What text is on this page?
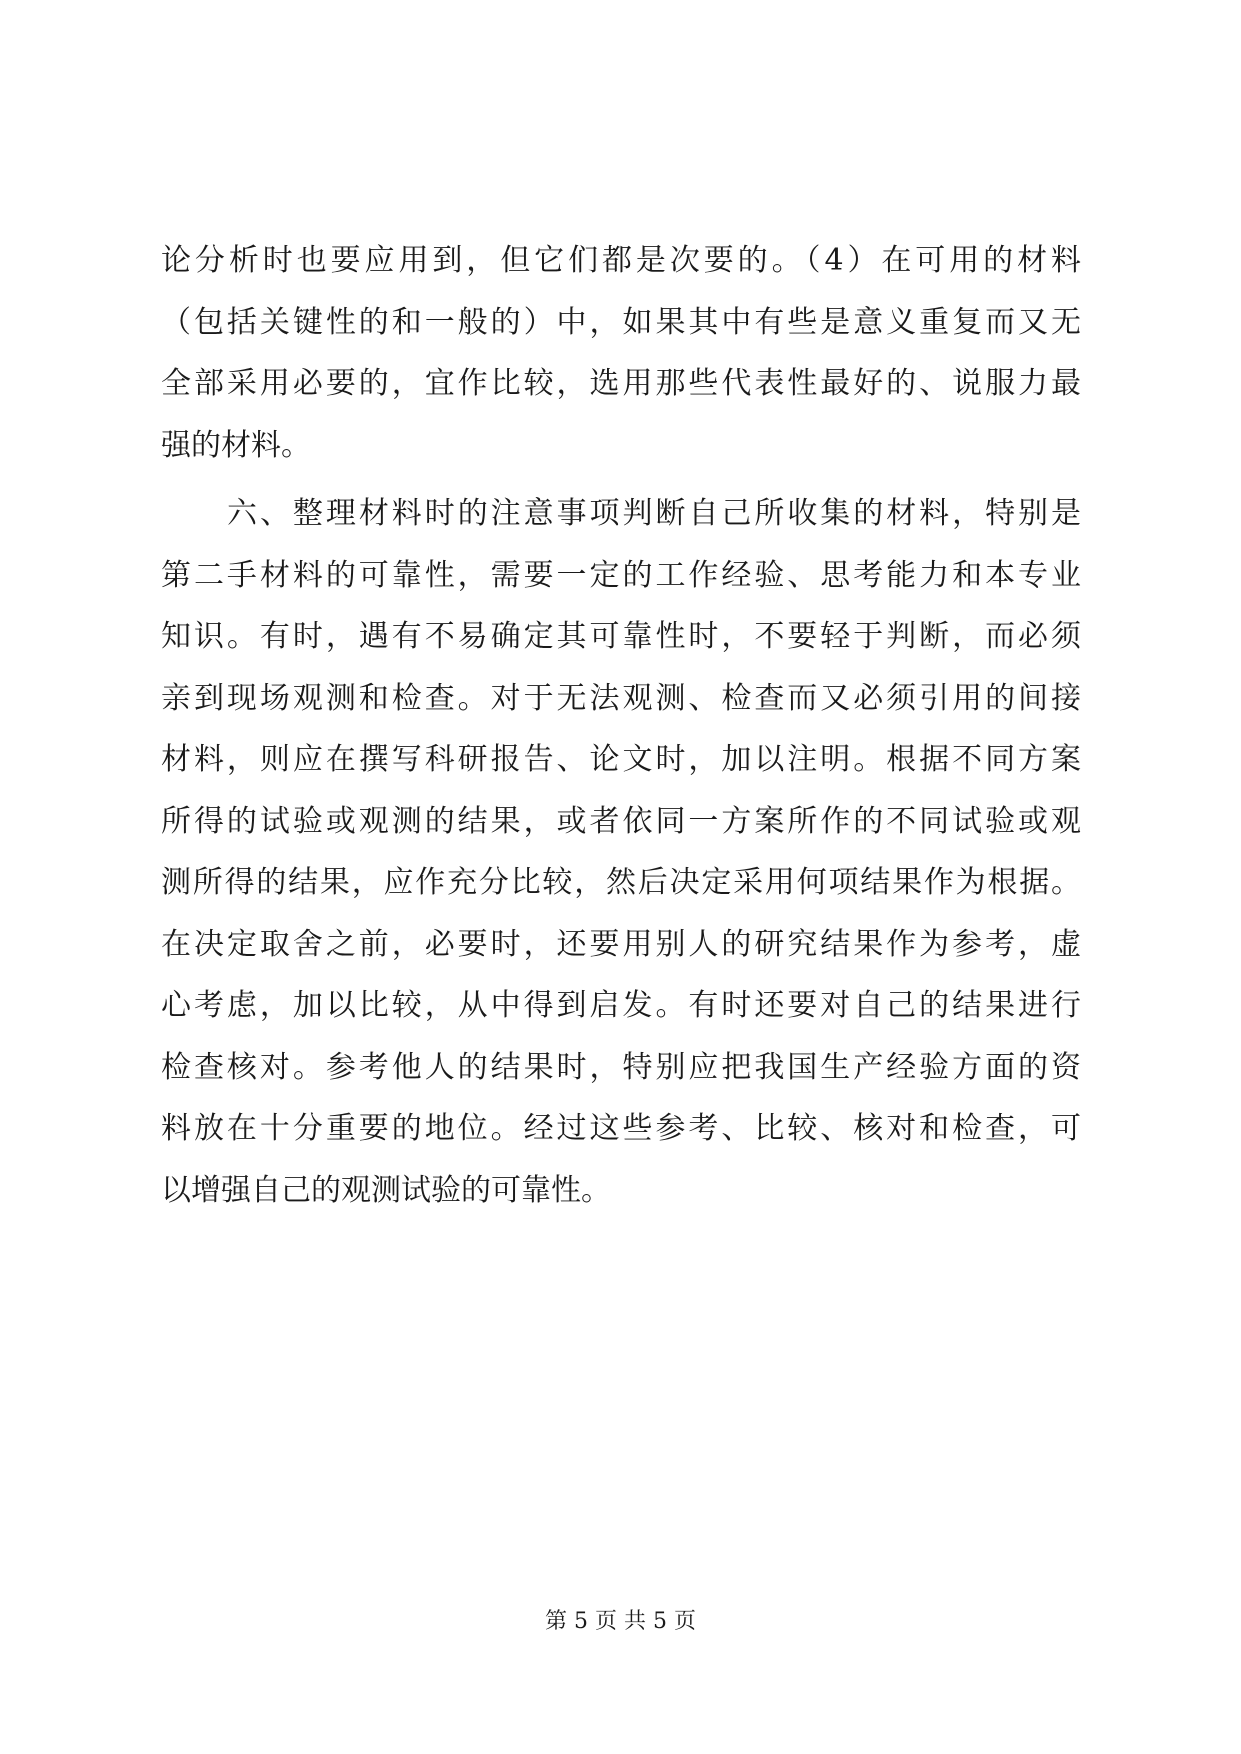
论分析时也要应用到，但它们都是次要的。（4）在可用的材料
（包括关键性的和一般的）中，如果其中有些是意义重复而又无
全部采用必要的，宜作比较，选用那些代表性最好的、说服力最
强的材料。
六、整理材料时的注意事项判断自己所收集的材料，特别是
第二手材料的可靠性，需要一定的工作经验、思考能力和本专业
知识。有时，遇有不易确定其可靠性时，不要轻于判断，而必须
亲到现场观测和检查。对于无法观测、检查而又必须引用的间接
材料，则应在撰写科研报告、论文时，加以注明。根据不同方案
所得的试验或观测的结果，或者依同一方案所作的不同试验或观
测所得的结果，应作充分比较，然后决定采用何项结果作为根据。
在决定取舍之前，必要时，还要用别人的研究结果作为参考，虚
心考虑，加以比较，从中得到启发。有时还要对自己的结果进行
检查核对。参考他人的结果时，特别应把我国生产经验方面的资
料放在十分重要的地位。经过这些参考、比较、核对和检查，可
以增强自己的观测试验的可靠性。
第 5 页 共 5 页
